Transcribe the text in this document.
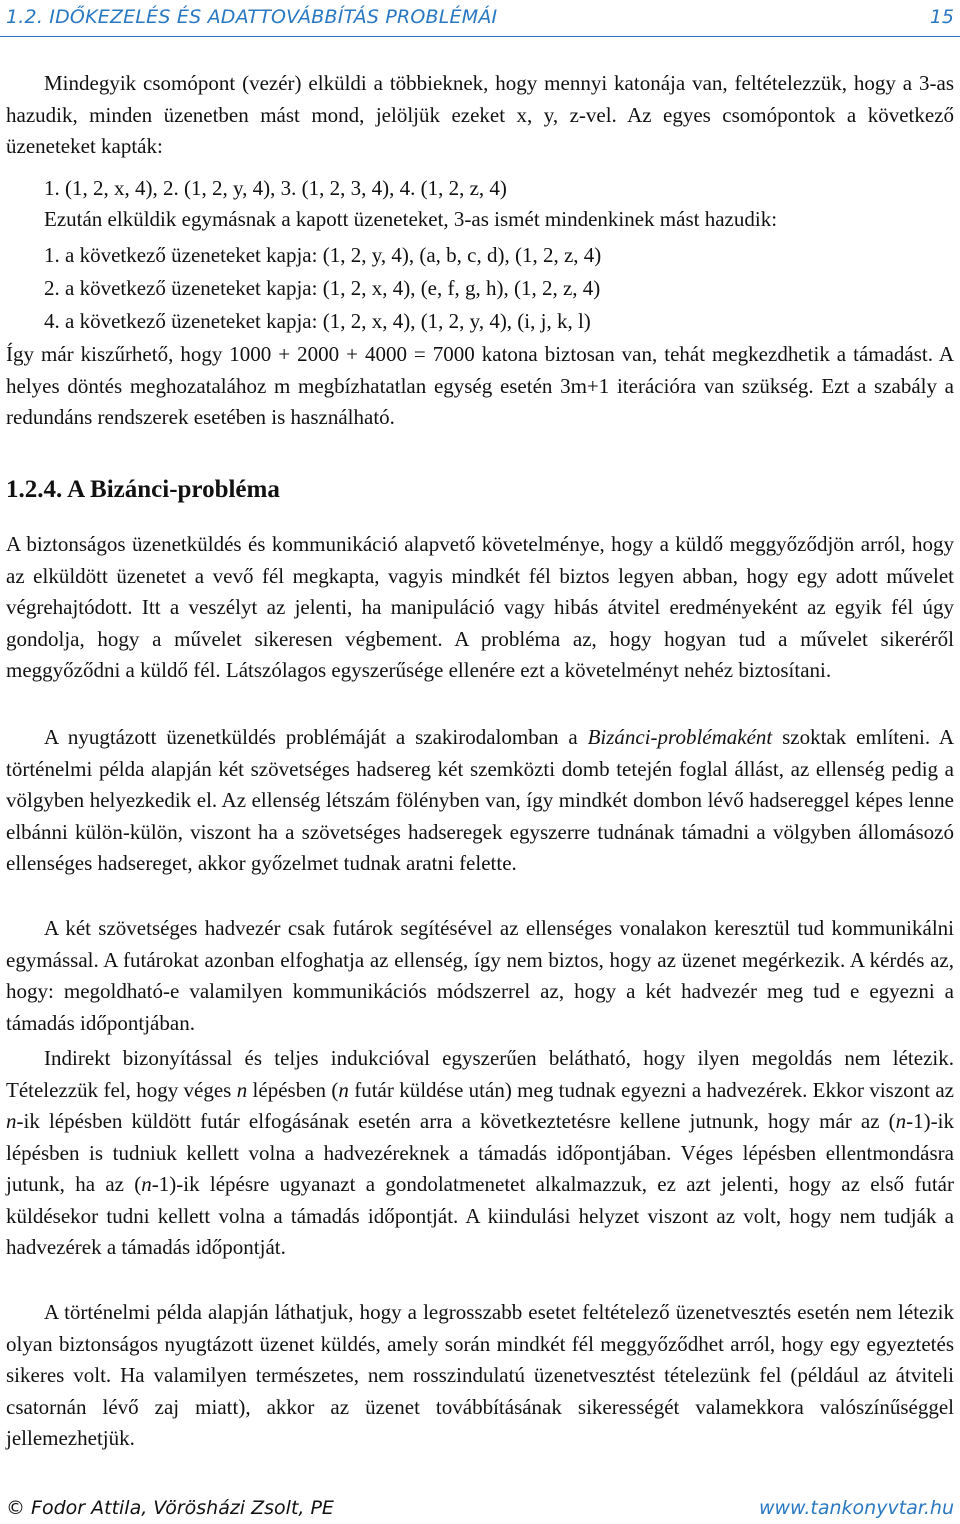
1.2. IDŐKEZELÉS ÉS ADATTOVÁBBÍTÁS PROBLÉMÁI	15

Mindegyik csomópont (vezér) elküldi a többieknek, hogy mennyi katonája van, feltételezzük, hogy a 3-as hazudik, minden üzenetben mást mond, jelöljük ezeket x, y, z-vel. Az egyes csomópontok a következő üzeneteket kapták:

1. (1, 2, x, 4), 2. (1, 2, y, 4), 3. (1, 2, 3, 4), 4. (1, 2, z, 4)

Ezután elküldik egymásnak a kapott üzeneteket, 3-as ismét mindenkinek mást hazudik:

1. a következő üzeneteket kapja: (1, 2, y, 4), (a, b, c, d), (1, 2, z, 4)

2. a következő üzeneteket kapja: (1, 2, x, 4), (e, f, g, h), (1, 2, z, 4)

4. a következő üzeneteket kapja: (1, 2, x, 4), (1, 2, y, 4), (i, j, k, l)

Így már kiszűrhető, hogy 1000 + 2000 + 4000 = 7000 katona biztosan van, tehát megkezdhetik a támadást. A helyes döntés meghozatalához m megbízhatatlan egység esetén 3m+1 iterációra van szükség. Ezt a szabály a redundáns rendszerek esetében is használható.

1.2.4. A Bizánci-probléma

A biztonságos üzenetküldés és kommunikáció alapvető követelménye, hogy a küldő meggyőződjön arról, hogy az elküldött üzenetet a vevő fél megkapta, vagyis mindkét fél biztos legyen abban, hogy egy adott művelet végrehajtódott. Itt a veszélyt az jelenti, ha manipuláció vagy hibás átvitel eredményeként az egyik fél úgy gondolja, hogy a művelet sikeresen végbement. A probléma az, hogy hogyan tud a művelet sikeréről meggyőződni a küldő fél. Látszólagos egyszerűsége ellenére ezt a követelményt nehéz biztosítani.

A nyugtázott üzenetküldés problémáját a szakirodalomban a Bizánci-problémaként szoktak említeni. A történelmi példa alapján két szövetséges hadsereg két szemközti domb tetején foglal állást, az ellenség pedig a völgyben helyezkedik el. Az ellenség létszám fölényben van, így mindkét dombon lévő hadsereggel képes lenne elbánni külön-külön, viszont ha a szövetséges hadseregek egyszerre tudnának támadni a völgyben állomásozó ellenséges hadsereget, akkor győzelmet tudnak aratni felette.

A két szövetséges hadvezér csak futárok segítésével az ellenséges vonalakon keresztül tud kommunikálni egymással. A futárokat azonban elfoghatja az ellenség, így nem biztos, hogy az üzenet megérkezik. A kérdés az, hogy: megoldható-e valamilyen kommunikációs módszerrel az, hogy a két hadvezér meg tud e egyezni a támadás időpontjában.

Indirekt bizonyítással és teljes indukcióval egyszerűen belátható, hogy ilyen megoldás nem létezik. Tételezzük fel, hogy véges n lépésben (n futár küldése után) meg tudnak egyezni a hadvezérek. Ekkor viszont az n-ik lépésben küldött futár elfogásának esetén arra a következtetésre kellene jutnunk, hogy már az (n-1)-ik lépésben is tudniuk kellett volna a hadvezéreknek a támadás időpontjában. Véges lépésben ellentmondásra jutunk, ha az (n-1)-ik lépésre ugyanazt a gondolatmenetet alkalmazzuk, ez azt jelenti, hogy az első futár küldésekor tudni kellett volna a támadás időpontját. A kiindulási helyzet viszont az volt, hogy nem tudják a hadvezérek a támadás időpontját.

A történelmi példa alapján láthatjuk, hogy a legrosszabb esetet feltételező üzenetvesztés esetén nem létezik olyan biztonságos nyugtázott üzenet küldés, amely során mindkét fél meggyőződhet arról, hogy egy egyeztetés sikeres volt. Ha valamilyen természetes, nem rosszindulatú üzenetvesztést tételezünk fel (például az átviteli csatornán lévő zaj miatt), akkor az üzenet továbbításának sikerességét valamekkora valószínűséggel jellemezhetjük.

© Fodor Attila, Vörösházi Zsolt, PE	www.tankonyvtar.hu
